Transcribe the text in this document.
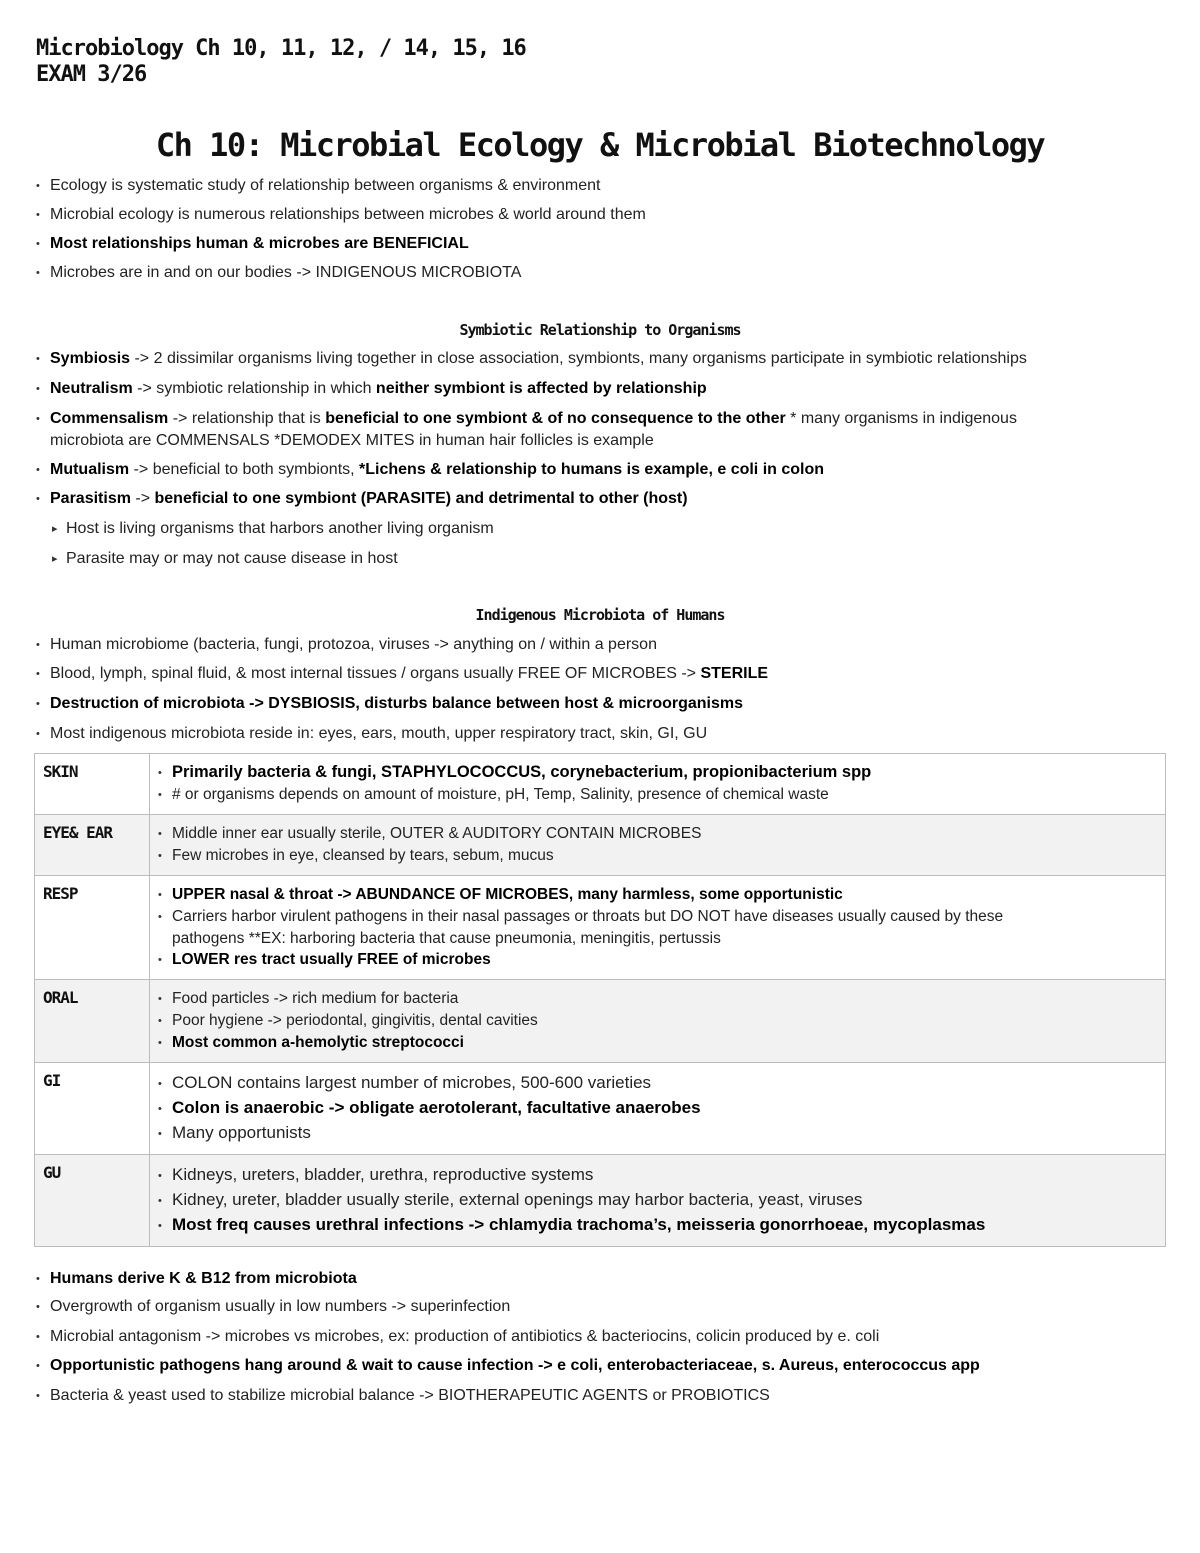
Microbiology Ch 10, 11, 12, / 14, 15, 16
EXAM 3/26
Ch 10: Microbial Ecology & Microbial Biotechnology
• Ecology is systematic study of relationship between organisms & environment
• Microbial ecology is numerous relationships between microbes & world around them
• Most relationships human & microbes are BENEFICIAL
• Microbes are in and on our bodies -> INDIGENOUS MICROBIOTA
Symbiotic Relationship to Organisms
• Symbiosis -> 2 dissimilar organisms living together in close association, symbionts, many organisms participate in symbiotic relationships
• Neutralism -> symbiotic relationship in which neither symbiont is affected by relationship
• Commensalism -> relationship that is beneficial to one symbiont & of no consequence to the other * many organisms in indigenous
microbiota are COMMENSALS *DEMODEX MITES in human hair follicles is example
• Mutualism -> beneficial to both symbionts, *Lichens & relationship to humans is example, e coli in colon
• Parasitism -> beneficial to one symbiont (PARASITE) and detrimental to other (host)
▸ Host is living organisms that harbors another living organism
▸ Parasite may or may not cause disease in host
Indigenous Microbiota of Humans
• Human microbiome (bacteria, fungi, protozoa, viruses -> anything on / within a person
• Blood, lymph, spinal fluid, & most internal tissues / organs usually FREE OF MICROBES -> STERILE
• Destruction of microbiota -> DYSBIOSIS, disturbs balance between host & microorganisms
• Most indigenous microbiota reside in: eyes, ears, mouth, upper respiratory tract, skin, GI, GU
SKIN	• Primarily bacteria & fungi, STAPHYLOCOCCUS, corynebacterium, propionibacterium spp
• # or organisms depends on amount of moisture, pH, Temp, Salinity, presence of chemical waste

EYE& EAR	• Middle inner ear usually sterile, OUTER & AUDITORY CONTAIN MICROBES
• Few microbes in eye, cleansed by tears, sebum, mucus

RESP	• UPPER nasal & throat -> ABUNDANCE OF MICROBES, many harmless, some opportunistic
• Carriers harbor virulent pathogens in their nasal passages or throats but DO NOT have diseases usually caused by these
pathogens **EX: harboring bacteria that cause pneumonia, meningitis, pertussis
• LOWER res tract usually FREE of microbes

ORAL	• Food particles -> rich medium for bacteria
• Poor hygiene -> periodontal, gingivitis, dental cavities
• Most common a-hemolytic streptococci

GI	• COLON contains largest number of microbes, 500-600 varieties
• Colon is anaerobic -> obligate aerotolerant, facultative anaerobes
• Many opportunists

GU	• Kidneys, ureters, bladder, urethra, reproductive systems
• Kidney, ureter, bladder usually sterile, external openings may harbor bacteria, yeast, viruses
• Most freq causes urethral infections -> chlamydia trachoma’s, meisseria gonorrhoeae, mycoplasmas
• Humans derive K & B12 from microbiota
• Overgrowth of organism usually in low numbers -> superinfection
• Microbial antagonism -> microbes vs microbes, ex: production of antibiotics & bacteriocins, colicin produced by e. coli
• Opportunistic pathogens hang around & wait to cause infection -> e coli, enterobacteriaceae, s. Aureus, enterococcus app
• Bacteria & yeast used to stabilize microbial balance -> BIOTHERAPEUTIC AGENTS or PROBIOTICS
